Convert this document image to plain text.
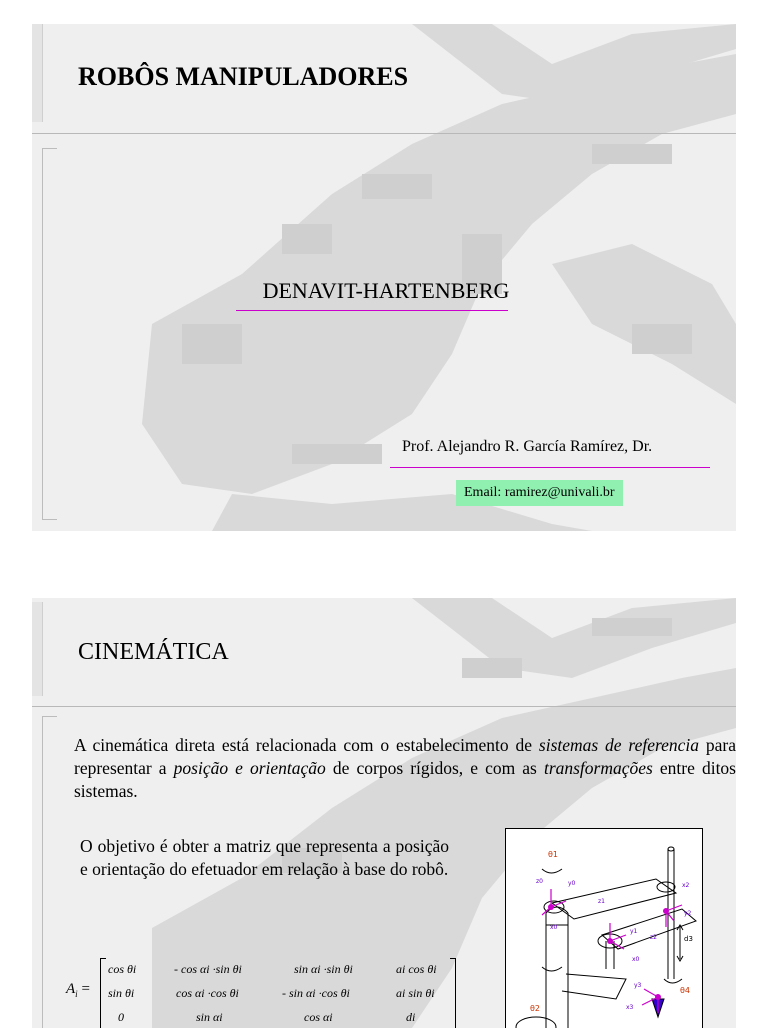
ROBÔS MANIPULADORES
DENAVIT-HARTENBERG
Prof. Alejandro R. García Ramírez, Dr.
Email: ramirez@univali.br
CINEMÁTICA
A cinemática direta está relacionada com o estabelecimento de sistemas de referencia para representar a posição e orientação de corpos rígidos, e com as transformações entre ditos sistemas.
O objetivo é obter a matriz que representa a posição e orientação do efetuador em relação à base do robô.
$A_i$ =
cos θi	- cos αi ·sin θi	sin αi ·sin θi	ai cos θi
sin θi	cos αi ·cos θi	- sin αi ·cos θi	ai sin θi
0	sin αi	cos αi	di
θ1
θ2
θ4
d3
z0	y0
x0
x0
z1
y1
x2
y2
z2
y3
x3
